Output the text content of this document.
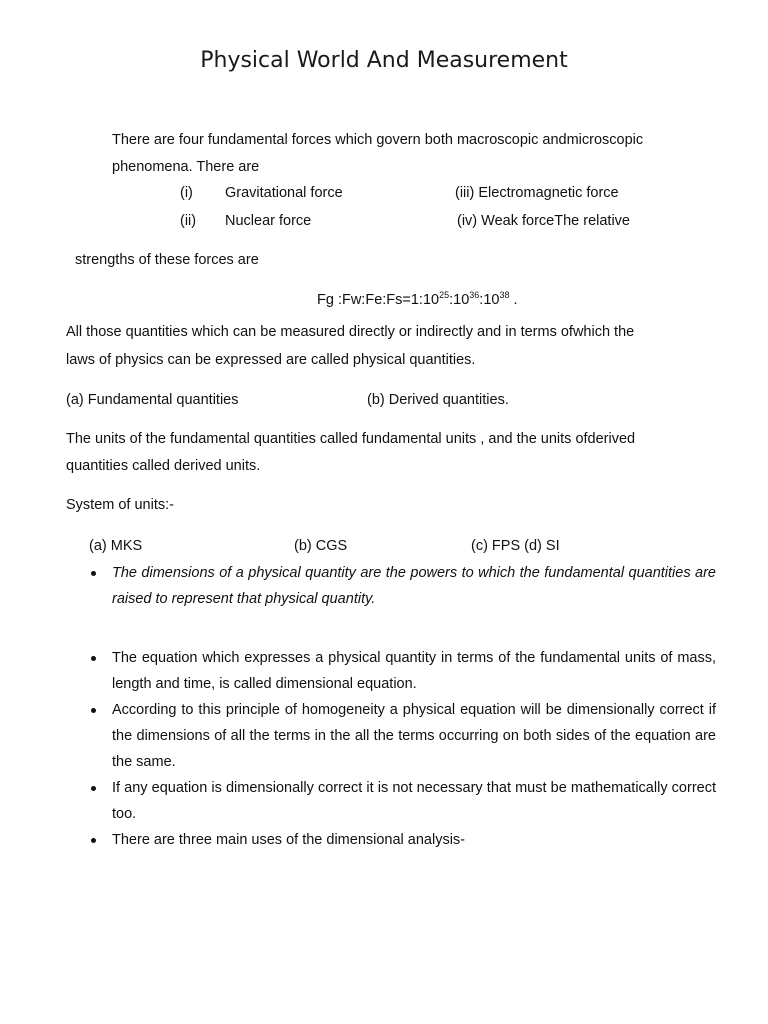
Physical World And Measurement
There are four fundamental forces which govern both macroscopic andmicroscopic
phenomena. There are
(i) Gravitational force	(iii) Electromagnetic force
(ii) Nuclear force	(iv) Weak forceThe relative
strengths of these forces are
Fg $:Fw:Fe:Fs=1:10^{25}:10^{36}:10^{38}$ .
All those quantities which can be measured directly or indirectly and in terms ofwhich the
laws of physics can be expressed are called physical quantities.
(a) Fundamental quantities	(b) Derived quantities.
The units of the fundamental quantities called fundamental units , and the units ofderived
quantities called derived units.
System of units:-
(a) MKS	(b) CGS	(c) FPS (d) SI
The dimensions of a physical quantity are the powers to which the fundamental quantities are raised to represent that physical quantity.
The equation which expresses a physical quantity in terms of the fundamental units of mass, length and time, is called dimensional equation.
According to this principle of homogeneity a physical equation will be dimensionally correct if the dimensions of all the terms in the all the terms occurring on both sides of the equation are the same.
If any equation is dimensionally correct it is not necessary that must be mathematically correct too.
There are three main uses of the dimensional analysis-
